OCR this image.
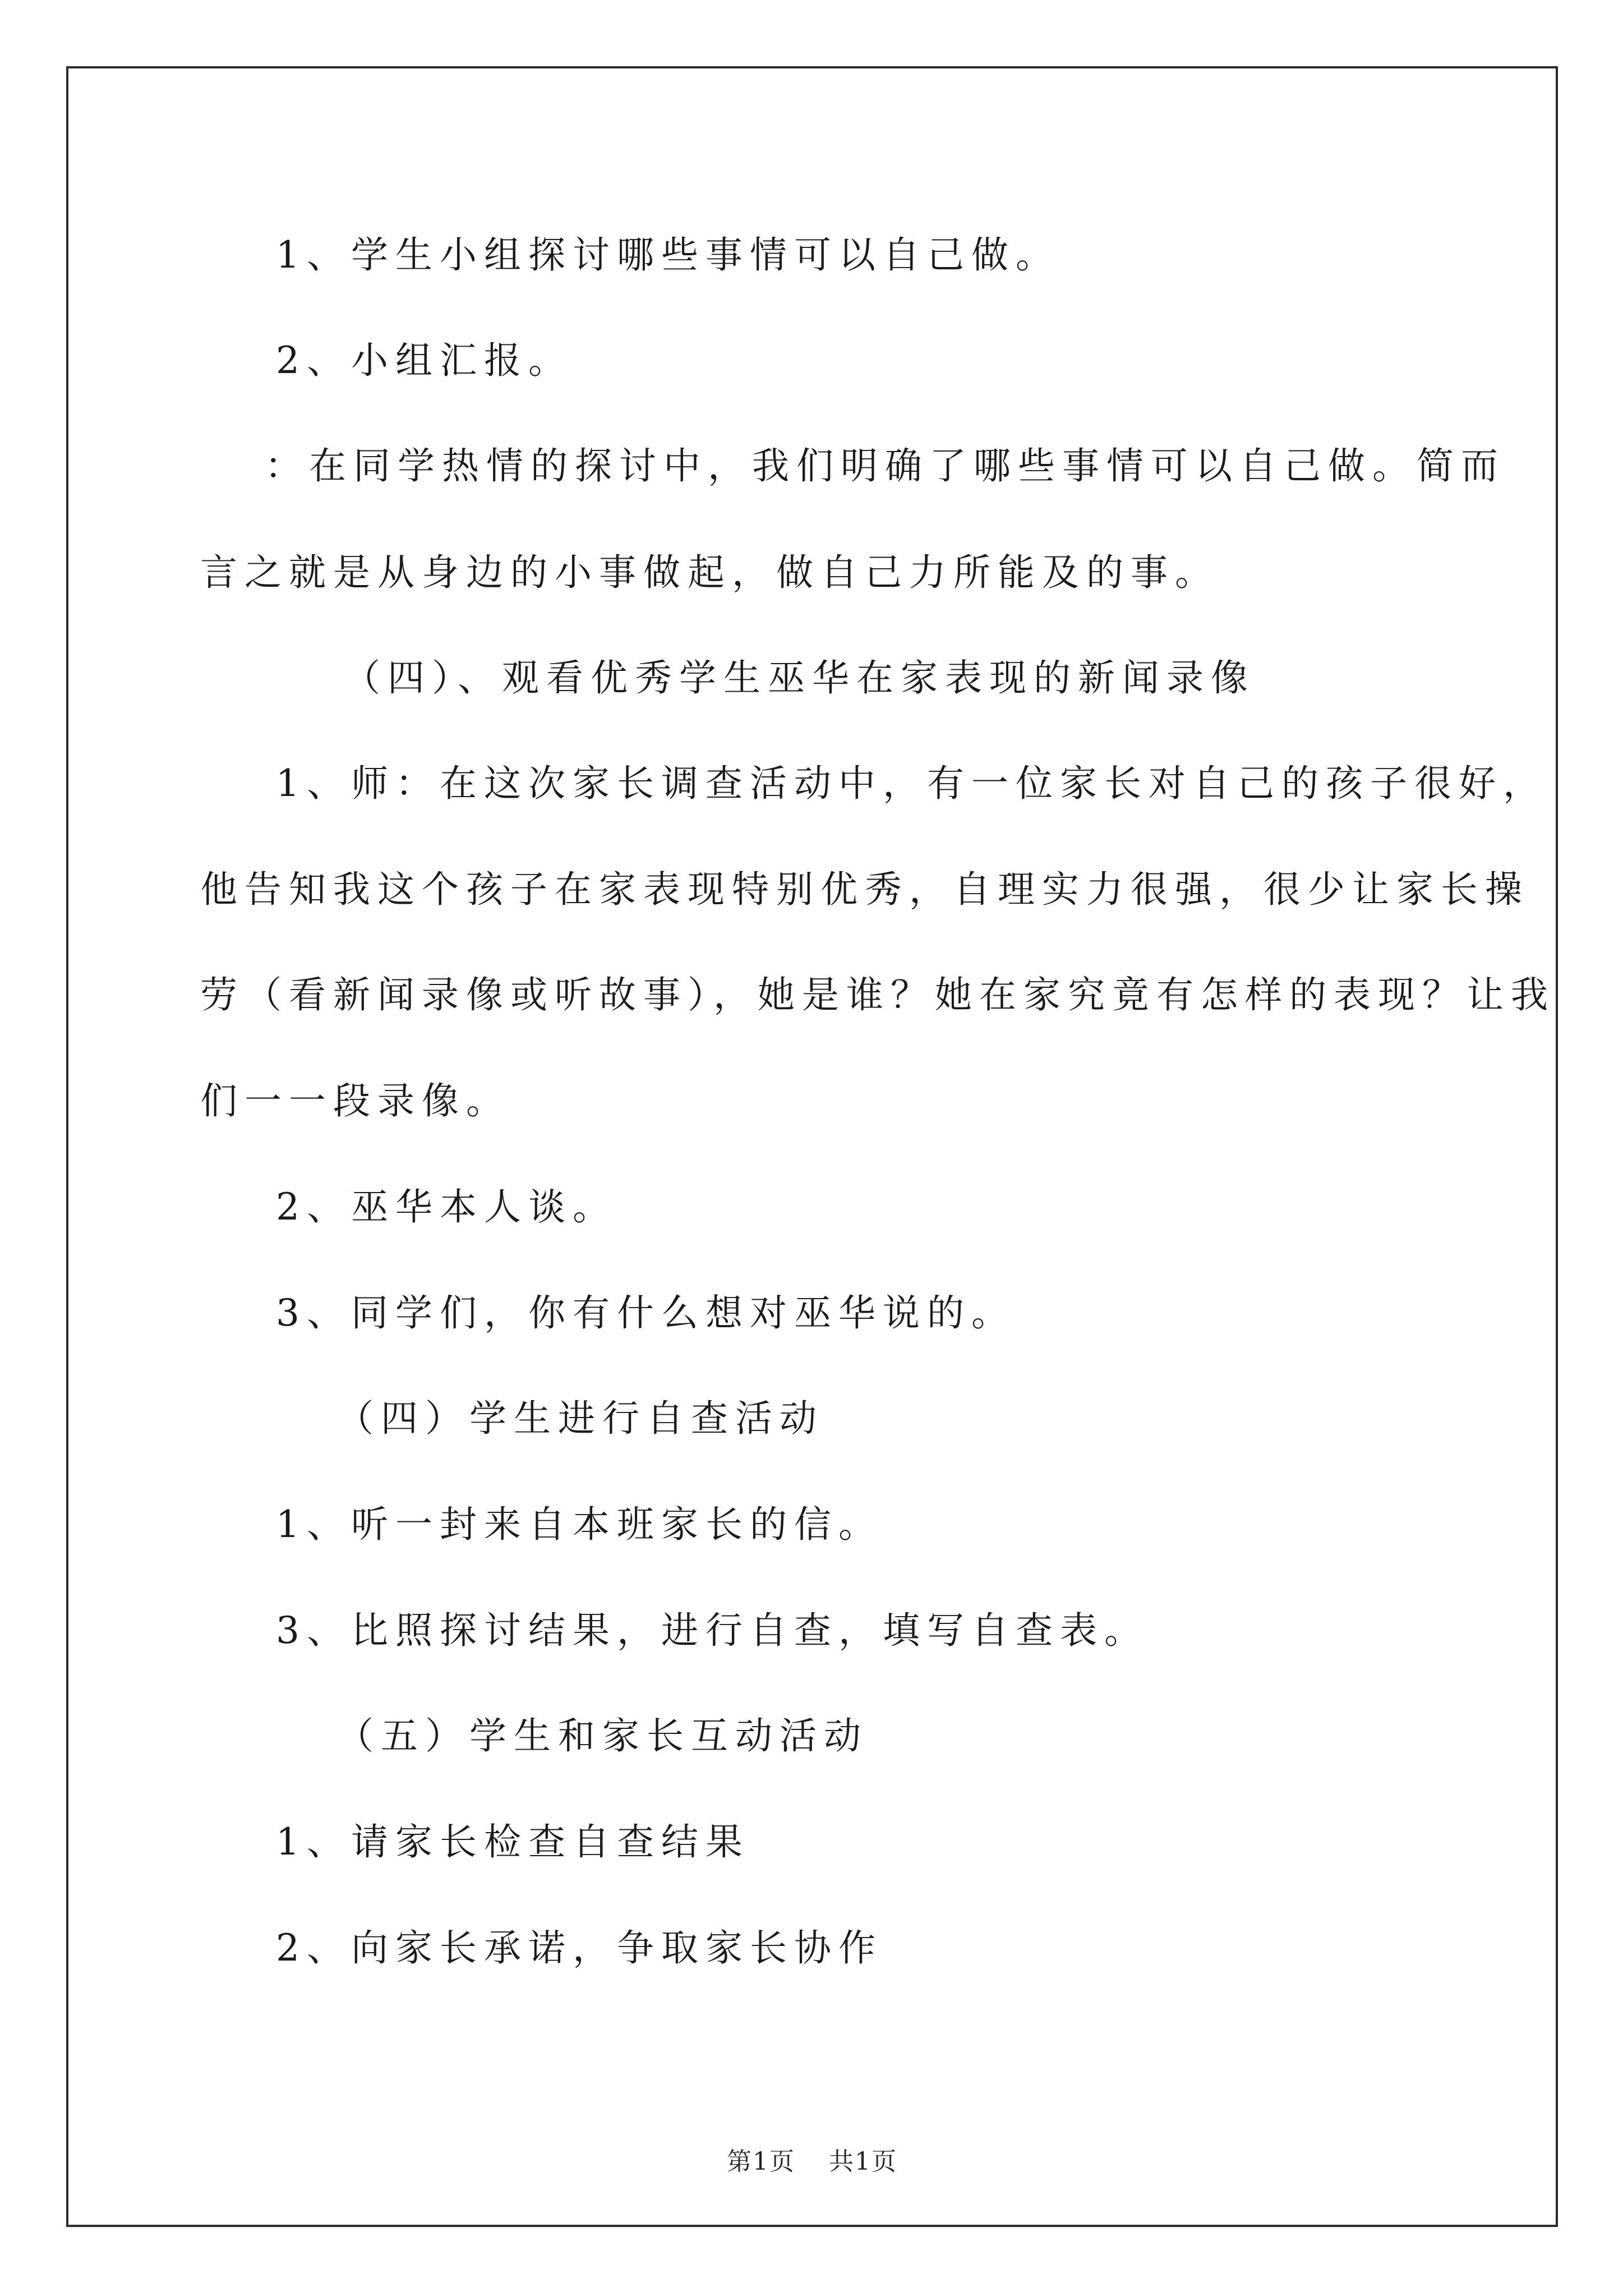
1、学生小组探讨哪些事情可以自己做。
2、小组汇报。
：在同学热情的探讨中，我们明确了哪些事情可以自己做。简而
言之就是从身边的小事做起，做自己力所能及的事。
（四）、观看优秀学生巫华在家表现的新闻录像
1、师：在这次家长调查活动中，有一位家长对自己的孩子很好，
他告知我这个孩子在家表现特别优秀，自理实力很强，很少让家长操
劳（看新闻录像或听故事），她是谁？她在家究竟有怎样的表现？让我
们一一段录像。
2、巫华本人谈。
3、同学们，你有什么想对巫华说的。
（四）学生进行自查活动
1、听一封来自本班家长的信。
3、比照探讨结果，进行自查，填写自查表。
（五）学生和家长互动活动
1、请家长检查自查结果
2、向家长承诺，争取家长协作
第1页 共1页
